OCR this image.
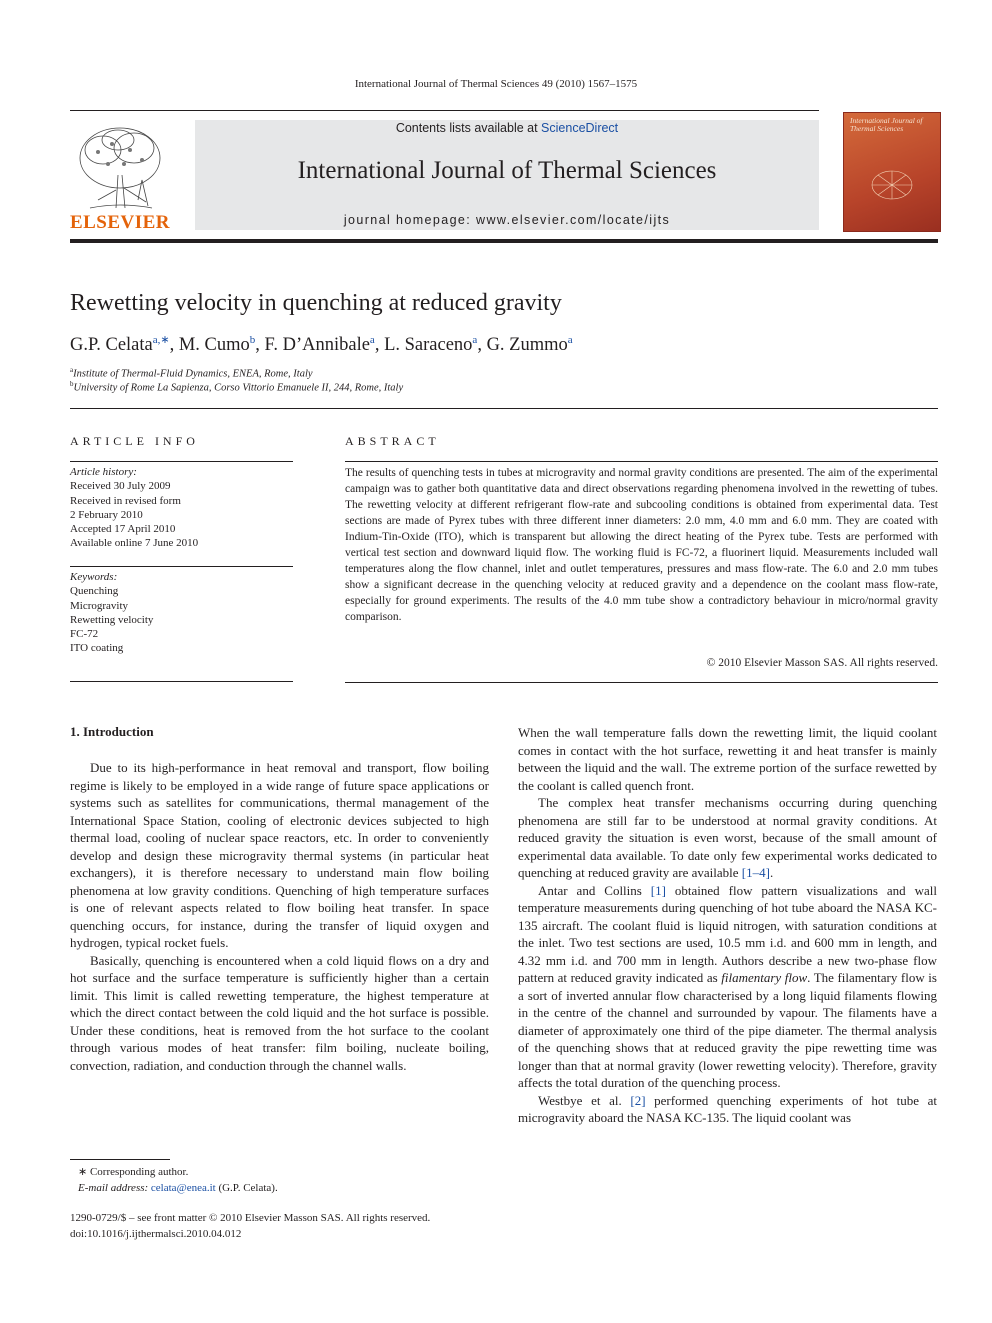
International Journal of Thermal Sciences 49 (2010) 1567–1575
ELSEVIER
Contents lists available at ScienceDirect
International Journal of Thermal Sciences
journal homepage: www.elsevier.com/locate/ijts
International Journal of Thermal Sciences
Rewetting velocity in quenching at reduced gravity
G.P. Celata$^{a,∗}$, M. Cumo$^b$, F. D’Annibale$^a$, L. Saraceno$^a$, G. Zummo$^a$
$^a$Institute of Thermal-Fluid Dynamics, ENEA, Rome, Italy
$^b$University of Rome La Sapienza, Corso Vittorio Emanuele II, 244, Rome, Italy
ARTICLE INFO
Article history:
Received 30 July 2009
Received in revised form
2 February 2010
Accepted 17 April 2010
Available online 7 June 2010
Keywords:
Quenching
Microgravity
Rewetting velocity
FC-72
ITO coating
ABSTRACT
The results of quenching tests in tubes at microgravity and normal gravity conditions are presented. The aim of the experimental campaign was to gather both quantitative data and direct observations regarding phenomena involved in the rewetting of tubes. The rewetting velocity at different refrigerant flow-rate and subcooling conditions is obtained from experimental data. Test sections are made of Pyrex tubes with three different inner diameters: 2.0 mm, 4.0 mm and 6.0 mm. They are coated with Indium-Tin-Oxide (ITO), which is transparent but allowing the direct heating of the Pyrex tube. Tests are performed with vertical test section and downward liquid flow. The working fluid is FC-72, a fluorinert liquid. Measurements included wall temperatures along the flow channel, inlet and outlet temperatures, pressures and mass flow-rate. The 6.0 and 2.0 mm tubes show a significant decrease in the quenching velocity at reduced gravity and a dependence on the coolant mass flow-rate, especially for ground experiments. The results of the 4.0 mm tube show a contradictory behaviour in micro/normal gravity comparison.
© 2010 Elsevier Masson SAS. All rights reserved.
1. Introduction

Due to its high-performance in heat removal and transport, flow boiling regime is likely to be employed in a wide range of future space applications or systems such as satellites for communications, thermal management of the International Space Station, cooling of electronic devices subjected to high thermal load, cooling of nuclear space reactors, etc. In order to conveniently develop and design these microgravity thermal systems (in particular heat exchangers), it is therefore necessary to understand main flow boiling phenomena at low gravity conditions. Quenching of high temperature surfaces is one of relevant aspects related to flow boiling heat transfer. In space quenching occurs, for instance, during the transfer of liquid oxygen and hydrogen, typical rocket fuels.

Basically, quenching is encountered when a cold liquid flows on a dry and hot surface and the surface temperature is sufficiently higher than a certain limit. This limit is called rewetting temperature, the highest temperature at which the direct contact between the cold liquid and the hot surface is possible. Under these conditions, heat is removed from the hot surface to the coolant through various modes of heat transfer: film boiling, nucleate boiling, convection, radiation, and conduction through the channel walls.

When the wall temperature falls down the rewetting limit, the liquid coolant comes in contact with the hot surface, rewetting it and heat transfer is mainly between the liquid and the wall. The extreme portion of the surface rewetted by the coolant is called quench front.

The complex heat transfer mechanisms occurring during quenching phenomena are still far to be understood at normal gravity conditions. At reduced gravity the situation is even worst, because of the small amount of experimental data available. To date only few experimental works dedicated to quenching at reduced gravity are available [1–4].

Antar and Collins [1] obtained flow pattern visualizations and wall temperature measurements during quenching of hot tube aboard the NASA KC-135 aircraft. The coolant fluid is liquid nitrogen, with saturation conditions at the inlet. Two test sections are used, 10.5 mm i.d. and 600 mm in length, and 4.32 mm i.d. and 700 mm in length. Authors describe a new two-phase flow pattern at reduced gravity indicated as filamentary flow. The filamentary flow is a sort of inverted annular flow characterised by a long liquid filaments flowing in the centre of the channel and surrounded by vapour. The filaments have a diameter of approximately one third of the pipe diameter. The thermal analysis of the quenching shows that at reduced gravity the pipe rewetting time was longer than that at normal gravity (lower rewetting velocity). Therefore, gravity affects the total duration of the quenching process.

Westbye et al. [2] performed quenching experiments of hot tube at microgravity aboard the NASA KC-135. The liquid coolant was

∗ Corresponding author.
E-mail address: celata@enea.it (G.P. Celata).
1290-0729/$ – see front matter © 2010 Elsevier Masson SAS. All rights reserved.
doi:10.1016/j.ijthermalsci.2010.04.012
